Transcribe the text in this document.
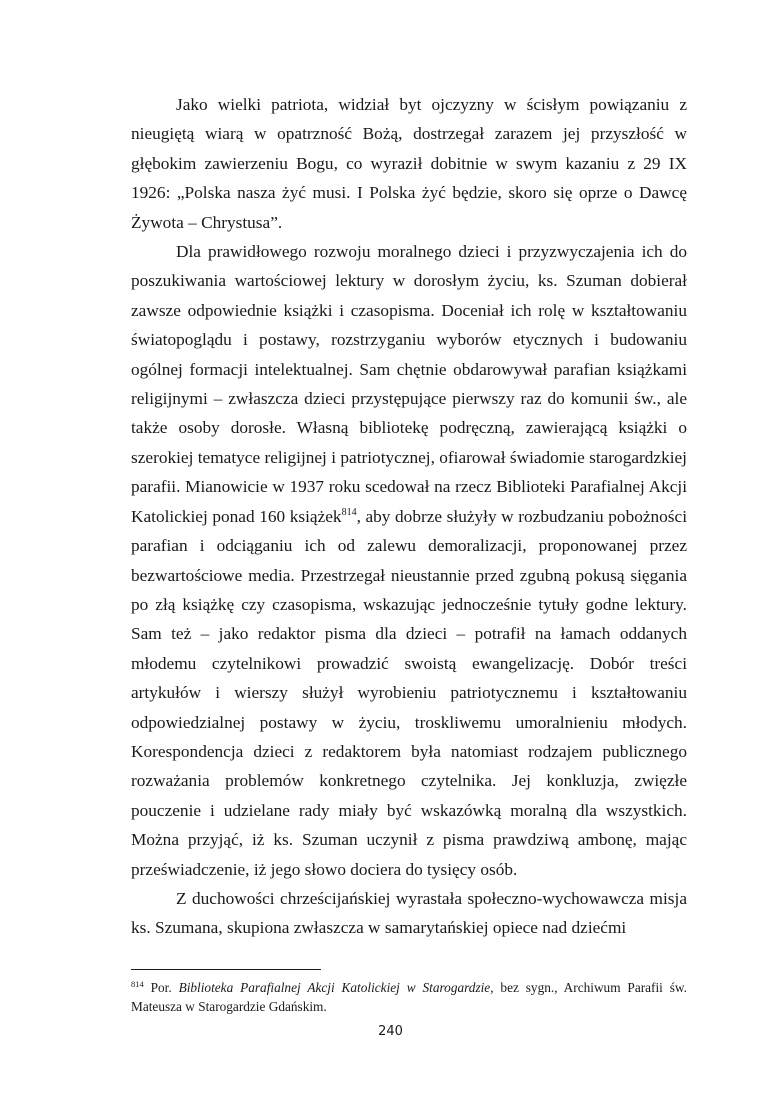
Jako wielki patriota, widział byt ojczyzny w ścisłym powiązaniu z nieugiętą wiarą w opatrzność Bożą, dostrzegał zarazem jej przyszłość w głębokim zawierzeniu Bogu, co wyraził dobitnie w swym kazaniu z 29 IX 1926: „Polska nasza żyć musi. I Polska żyć będzie, skoro się oprze o Dawcę Żywota – Chrystusa”.

Dla prawidłowego rozwoju moralnego dzieci i przyzwyczajenia ich do poszukiwania wartościowej lektury w dorosłym życiu, ks. Szuman dobierał zawsze odpowiednie książki i czasopisma. Doceniał ich rolę w kształtowaniu światopoglądu i postawy, rozstrzyganiu wyborów etycznych i budowaniu ogólnej formacji intelektualnej. Sam chętnie obdarowywał parafian książkami religijnymi – zwłaszcza dzieci przystępujące pierwszy raz do komunii św., ale także osoby dorosłe. Własną bibliotekę podręczną, zawierającą książki o szerokiej tematyce religijnej i patriotycznej, ofiarował świadomie starogardzkiej parafii. Mianowicie w 1937 roku scedował na rzecz Biblioteki Parafialnej Akcji Katolickiej ponad 160 książek$^{814}$, aby dobrze służyły w rozbudzaniu pobożności parafian i odciąganiu ich od zalewu demoralizacji, proponowanej przez bezwartościowe media. Przestrzegał nieustannie przed zgubną pokusą sięgania po złą książkę czy czasopisma, wskazując jednocześnie tytuły godne lektury. Sam też – jako redaktor pisma dla dzieci – potrafił na łamach oddanych młodemu czytelnikowi prowadzić swoistą ewangelizację. Dobór treści artykułów i wierszy służył wyrobieniu patriotycznemu i kształtowaniu odpowiedzialnej postawy w życiu, troskliwemu umoralnieniu młodych. Korespondencja dzieci z redaktorem była natomiast rodzajem publicznego rozważania problemów konkretnego czytelnika. Jej konkluzja, zwięzłe pouczenie i udzielane rady miały być wskazówką moralną dla wszystkich. Można przyjąć, iż ks. Szuman uczynił z pisma prawdziwą ambonę, mając przeświadczenie, iż jego słowo dociera do tysięcy osób.

Z duchowości chrześcijańskiej wyrastała społeczno-wychowawcza misja ks. Szumana, skupiona zwłaszcza w samarytańskiej opiece nad dziećmi

$^{814}$ Por. Biblioteka Parafialnej Akcji Katolickiej w Starogardzie, bez sygn., Archiwum Parafii św. Mateusza w Starogardzie Gdańskim.
240
